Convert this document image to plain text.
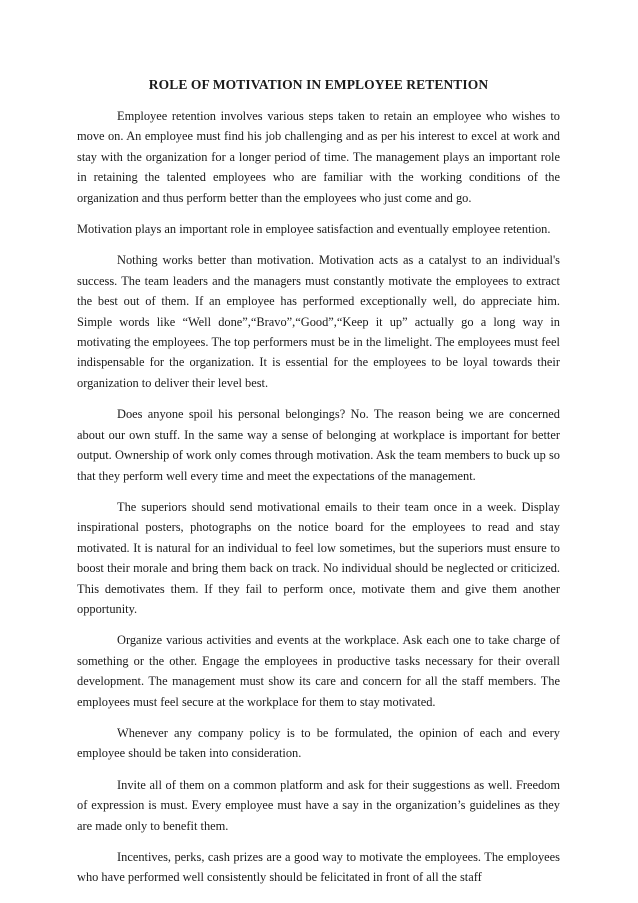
ROLE OF MOTIVATION IN EMPLOYEE RETENTION

Employee retention involves various steps taken to retain an employee who wishes to move on. An employee must find his job challenging and as per his interest to excel at work and stay with the organization for a longer period of time. The management plays an important role in retaining the talented employees who are familiar with the working conditions of the organization and thus perform better than the employees who just come and go.

Motivation plays an important role in employee satisfaction and eventually employee retention.

Nothing works better than motivation. Motivation acts as a catalyst to an individual's success. The team leaders and the managers must constantly motivate the employees to extract the best out of them. If an employee has performed exceptionally well, do appreciate him. Simple words like “Well done”,“Bravo”,“Good”,“Keep it up” actually go a long way in motivating the employees. The top performers must be in the limelight. The employees must feel indispensable for the organization. It is essential for the employees to be loyal towards their organization to deliver their level best.

Does anyone spoil his personal belongings? No. The reason being we are concerned about our own stuff. In the same way a sense of belonging at workplace is important for better output. Ownership of work only comes through motivation. Ask the team members to buck up so that they perform well every time and meet the expectations of the management.

The superiors should send motivational emails to their team once in a week. Display inspirational posters, photographs on the notice board for the employees to read and stay motivated. It is natural for an individual to feel low sometimes, but the superiors must ensure to boost their morale and bring them back on track. No individual should be neglected or criticized. This demotivates them. If they fail to perform once, motivate them and give them another opportunity.

Organize various activities and events at the workplace. Ask each one to take charge of something or the other. Engage the employees in productive tasks necessary for their overall development. The management must show its care and concern for all the staff members. The employees must feel secure at the workplace for them to stay motivated.

Whenever any company policy is to be formulated, the opinion of each and every employee should be taken into consideration.

Invite all of them on a common platform and ask for their suggestions as well. Freedom of expression is must. Every employee must have a say in the organization’s guidelines as they are made only to benefit them.

Incentives, perks, cash prizes are a good way to motivate the employees. The employees who have performed well consistently should be felicitated in front of all the staff
